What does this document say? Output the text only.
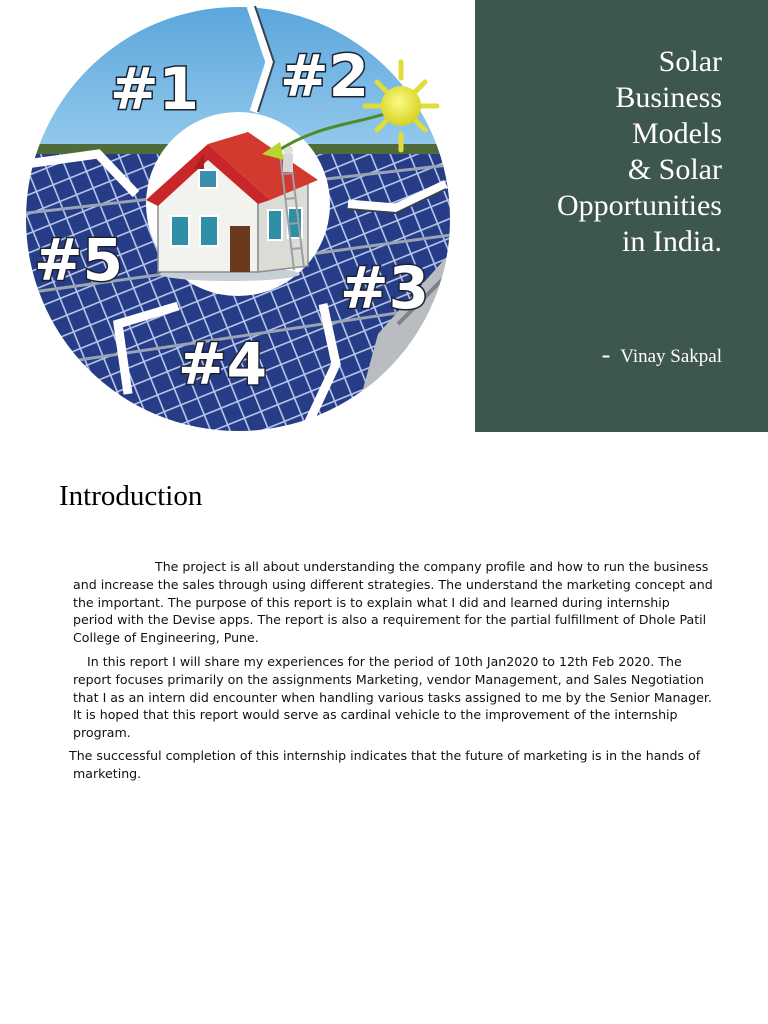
#1 #2
#3
#4
#5
Solar
Business
Models
& Solar
Opportunities
in India.
- Vinay Sakpal
Introduction

The project is all about understanding the company profile and how to run the business and increase the sales through using different strategies. The understand the marketing concept and the important. The purpose of this report is to explain what I did and learned during internship period with the Devise apps. The report is also a requirement for the partial fulfillment of Dhole Patil College of Engineering, Pune.

In this report I will share my experiences for the period of 10th Jan2020 to 12th Feb 2020. The report focuses primarily on the assignments Marketing, vendor Management, and Sales Negotiation that I as an intern did encounter when handling various tasks assigned to me by the Senior Manager. It is hoped that this report would serve as cardinal vehicle to the improvement of the internship program.

The successful completion of this internship indicates that the future of marketing is in the hands of marketing.
